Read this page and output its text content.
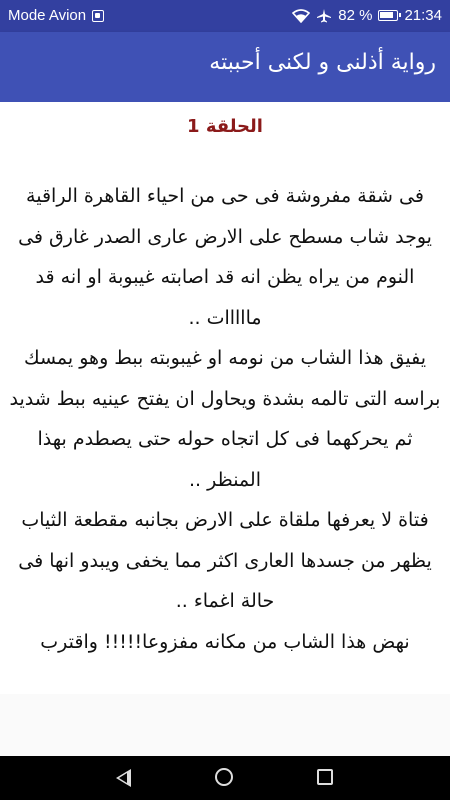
Mode Avion	82 % 21:34
رواية أذلنى و لكنى أحببته
الحلقة 1

فى شقة مفروشة فى حى من احياء القاهرة الراقية

يوجد شاب مسطح على الارض عارى الصدر غارق فى النوم من يراه يظن انه قد اصابته غيبوبة او انه قد مااااات ..

يفيق هذا الشاب من نومه او غيبوبته ببط وهو يمسك براسه التى تالمه بشدة ويحاول ان يفتح عينيه ببط شديد ثم يحركهما فى كل اتجاه حوله حتى يصطدم بهذا المنظر ..

فتاة لا يعرفها ملقاة على الارض بجانبه مقطعة الثياب يظهر من جسدها العارى اكثر مما يخفى ويبدو انها فى حالة اغماء ..

نهض هذا الشاب من مكانه مفزوعا!!!!! واقترب
